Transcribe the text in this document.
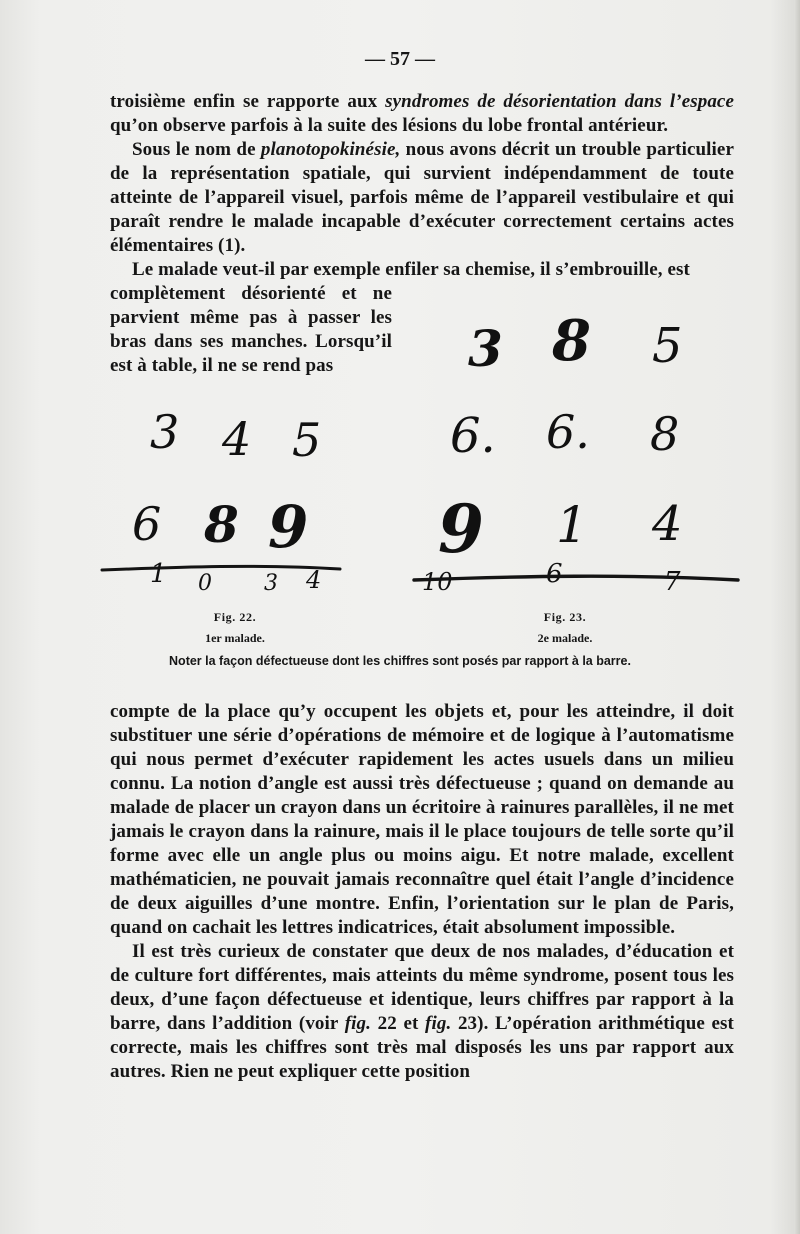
— 57 —

troisième enfin se rapporte aux syndromes de désorientation dans l’espace qu’on observe parfois à la suite des lésions du lobe frontal antérieur.

Sous le nom de planotopokinésie, nous avons décrit un trouble particulier de la représentation spatiale, qui survient indépendamment de toute atteinte de l’appareil visuel, parfois même de l’appareil vestibulaire et qui paraît rendre le malade incapable d’exécuter correctement certains actes élémentaires (1).

Le malade veut-il par exemple enfiler sa chemise, il s’embrouille, est

complètement désorienté et ne parvient même pas à passer les bras dans ses manches. Lorsqu’il est à table, il ne se rend pas

3 4 5
6 8 9
1 0 3 4
3 8 5
6. 6. 8
9 1 4
10	6	7
Fig. 22.
1er malade.
Fig. 23.
2e malade.
Noter la façon défectueuse dont les chiffres sont posés par rapport à la barre.

compte de la place qu’y occupent les objets et, pour les atteindre, il doit substituer une série d’opérations de mémoire et de logique à l’automatisme qui nous permet d’exécuter rapidement les actes usuels dans un milieu connu. La notion d’angle est aussi très défectueuse ; quand on demande au malade de placer un crayon dans un écritoire à rainures parallèles, il ne met jamais le crayon dans la rainure, mais il le place toujours de telle sorte qu’il forme avec elle un angle plus ou moins aigu. Et notre malade, excellent mathématicien, ne pouvait jamais reconnaître quel était l’angle d’incidence de deux aiguilles d’une montre. Enfin, l’orientation sur le plan de Paris, quand on cachait les lettres indicatrices, était absolument impossible.

Il est très curieux de constater que deux de nos malades, d’éducation et de culture fort différentes, mais atteints du même syndrome, posent tous les deux, d’une façon défectueuse et identique, leurs chiffres par rapport à la barre, dans l’addition (voir fig. 22 et fig. 23). L’opération arithmétique est correcte, mais les chiffres sont très mal disposés les uns par rapport aux autres. Rien ne peut expliquer cette position
